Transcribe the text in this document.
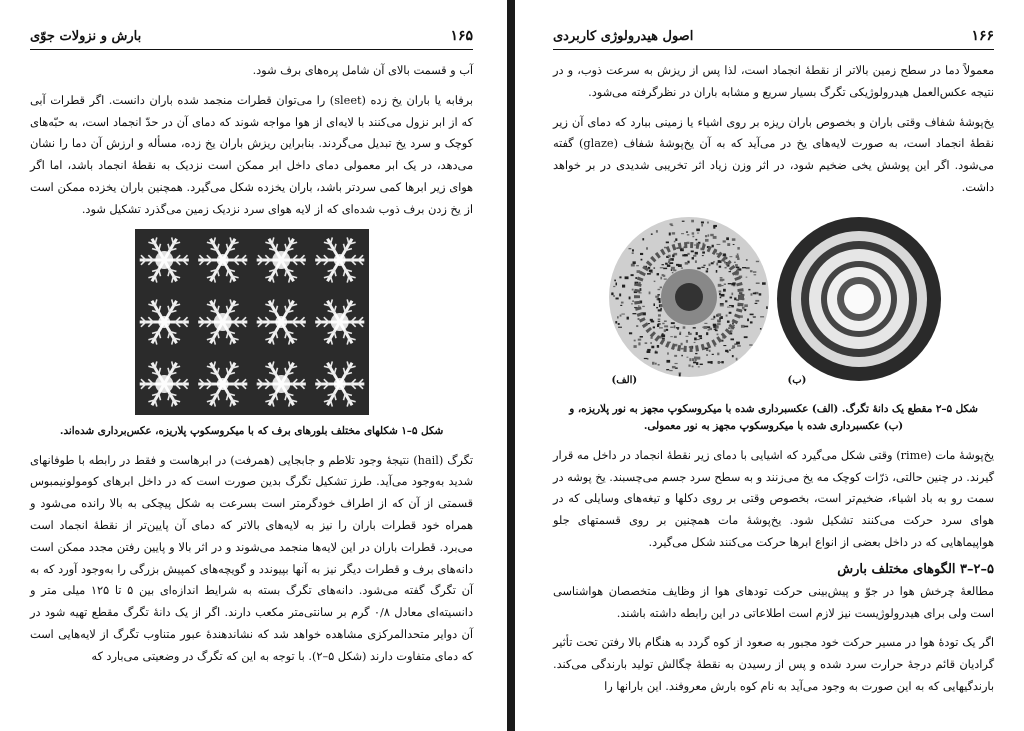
۱۶۵
بارش و نزولات جوّی

آب و قسمت بالای آن شامل پره‌های برف شود.

برفابه یا باران یخ زده (sleet) را می‌توان قطرات منجمد شده باران دانست. اگر قطرات آبی که از ابر نزول می‌کنند با لایه‌ای از هوا مواجه شوند که دمای آن در حدّ انجماد است، به حبّه‌های کوچک و سرد یخ تبدیل می‌گردند. بنابراین ریزش باران یخ زده، مسأله و ارزش آن دما را نشان می‌دهد، در یک ابر معمولی دمای داخل ابر ممکن است نزدیک به نقطهٔ انجماد باشد، اما اگر هوای زیر ابرها کمی سردتر باشد، باران یخزده شکل می‌گیرد. همچنین باران یخزده ممکن است از یخ زدن برف ذوب شده‌ای که از لایه هوای سرد نزدیک زمین می‌گذرد تشکیل شود.

شکل ۵–۱ شکلهای مختلف بلورهای برف که با میکروسکوپ پلاریزه، عکس‌برداری شده‌اند.

تگرگ (hail) نتیجهٔ وجود تلاطم و جابجایی (همرفت) در ابرهاست و فقط در رابطه با طوفانهای شدید به‌وجود می‌آید. طرز تشکیل تگرگ بدین صورت است که در داخل ابرهای کومولونیمبوس قسمتی از آن که از اطراف خودگرمتر است بسرعت به شکل پیچکی به بالا رانده می‌شود و همراه خود قطرات باران را نیز به لایه‌های بالاتر که دمای آن پایین‌تر از نقطهٔ انجماد است می‌برد. قطرات باران در این لایه‌ها منجمد می‌شوند و در اثر بالا و پایین رفتن مجدد ممکن است دانه‌های برف و قطرات دیگر نیز به آنها بپیوندد و گویچه‌های کمپیش بزرگی را به‌وجود آورد که به آن تگرگ گفته می‌شود. دانه‌های تگرگ بسته به شرایط اندازه‌ای بین ۵ تا ۱۲۵ میلی متر و دانسیته‌ای معادل ۰/۸ گرم بر سانتی‌متر مکعب دارند. اگر از یک دانهٔ تگرگ مقطع تهیه شود در آن دوایر متحدالمرکزی مشاهده خواهد شد که نشاندهندهٔ عبور متناوب تگرگ از لایه‌هایی است که دمای متفاوت دارند (شکل ۵–۲). با توجه به این که تگرگ در وضعیتی می‌بارد که

۱۶۶
اصول هیدرولوژی کاربردی

معمولاً دما در سطح زمین بالاتر از نقطهٔ انجماد است، لذا پس از ریزش به سرعت ذوب، و در نتیجه عکس‌العمل هیدرولوژیکی تگرگ بسیار سریع و مشابه باران در نظرگرفته می‌شود.

یخ‌پوشهٔ شفاف وقتی باران و بخصوص باران ریزه بر روی اشیاء یا زمینی ببارد که دمای آن زیر نقطهٔ انجماد است، به صورت لایه‌های یخ در می‌آید که به آن یخ‌پوشهٔ شفاف (glaze) گفته می‌شود. اگر این پوشش یخی ضخیم شود، در اثر وزن زیاد اثر تخریبی شدیدی در بر خواهد داشت.

(الف)	(ب)
شکل ۵–۲ مقطع یک دانهٔ تگرگ. (الف) عکسبرداری شده با میکروسکوپ مجهز به نور پلاریزه، و (ب) عکسبرداری شده با میکروسکوپ مجهز به نور معمولی.

یخ‌پوشهٔ مات (rime) وقتی شکل می‌گیرد که اشیایی با دمای زیر نقطهٔ انجماد در داخل مه قرار گیرند. در چنین حالتی، ذرّات کوچک مه یخ می‌زنند و به سطح سرد جسم می‌چسبند. یخ پوشه در سمت رو به باد اشیاء، ضخیم‌تر است، بخصوص وقتی بر روی دکلها و تیغه‌های وسایلی که در هوای سرد حرکت می‌کنند تشکیل شود. یخ‌پوشهٔ مات همچنین بر روی قسمتهای جلو هواپیماهایی که در داخل بعضی از انواع ابرها حرکت می‌کنند شکل می‌گیرد.

۵–۲–۳ الگوهای مختلف بارش

مطالعهٔ چرخش هوا در جوّ و پیش‌بینی حرکت تودهای هوا از وظایف متخصصان هواشناسی است ولی برای هیدرولوژیست نیز لازم است اطلاعاتی در این رابطه داشته باشند.

اگر یک تودهٔ هوا در مسیر حرکت خود مجبور به صعود از کوه گردد به هنگام بالا رفتن تحت تأثیر گرادیان قائم درجهٔ حرارت سرد شده و پس از رسیدن به نقطهٔ چگالش تولید بارندگی می‌کند. بارندگیهایی که به این صورت به وجود می‌آید به نام کوه بارش معروفند. این بارانها را
